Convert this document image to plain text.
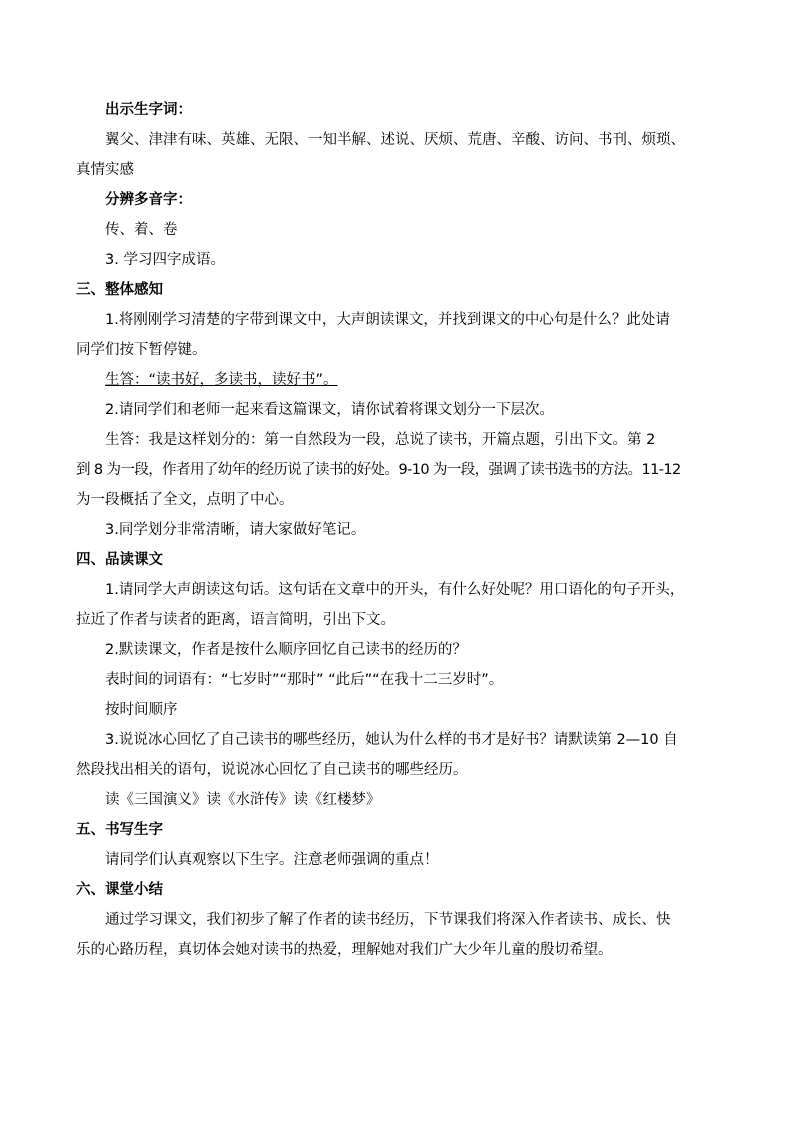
出示生字词：
翼父、津津有味、英雄、无限、一知半解、述说、厌烦、荒唐、辛酸、访问、书刊、烦琐、
真情实感
分辨多音字：
传、着、卷
3. 学习四字成语。
三、整体感知
1.将刚刚学习清楚的字带到课文中，大声朗读课文，并找到课文的中心句是什么？此处请
同学们按下暂停键。
生答：“读书好，多读书，读好书”。
2.请同学们和老师一起来看这篇课文，请你试着将课文划分一下层次。
生答：我是这样划分的：第一自然段为一段，总说了读书，开篇点题，引出下文。第 2
到 8 为一段，作者用了幼年的经历说了读书的好处。9-10 为一段，强调了读书选书的方法。11-12
为一段概括了全文，点明了中心。
3.同学划分非常清晰，请大家做好笔记。
四、品读课文
1.请同学大声朗读这句话。这句话在文章中的开头，有什么好处呢？用口语化的句子开头，
拉近了作者与读者的距离，语言简明，引出下文。
2.默读课文，作者是按什么顺序回忆自己读书的经历的？
表时间的词语有：“七岁时”“那时” “此后”“在我十二三岁时”。
按时间顺序
3.说说冰心回忆了自己读书的哪些经历，她认为什么样的书才是好书？请默读第 2—10 自
然段找出相关的语句，说说冰心回忆了自己读书的哪些经历。
读《三国演义》读《水浒传》读《红楼梦》
五、书写生字
请同学们认真观察以下生字。注意老师强调的重点！
六、课堂小结
通过学习课文，我们初步了解了作者的读书经历，下节课我们将深入作者读书、成长、快
乐的心路历程，真切体会她对读书的热爱，理解她对我们广大少年儿童的殷切希望。
